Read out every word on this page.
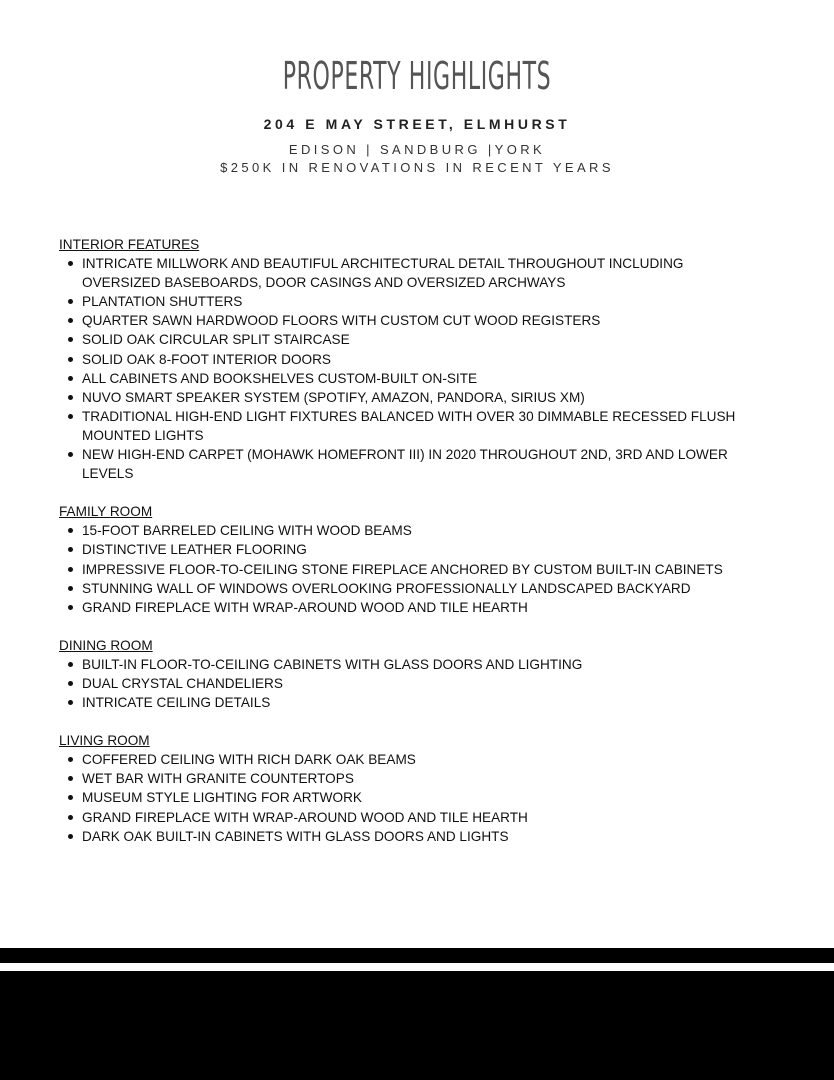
PROPERTY HIGHLIGHTS
204 E MAY STREET, ELMHURST
EDISON | SANDBURG |YORK
$250K IN RENOVATIONS IN RECENT YEARS

INTERIOR FEATURES

INTRICATE MILLWORK AND BEAUTIFUL ARCHITECTURAL DETAIL THROUGHOUT INCLUDING OVERSIZED BASEBOARDS, DOOR CASINGS AND OVERSIZED ARCHWAYS
PLANTATION SHUTTERS
QUARTER SAWN HARDWOOD FLOORS WITH CUSTOM CUT WOOD REGISTERS
SOLID OAK CIRCULAR SPLIT STAIRCASE
SOLID OAK 8-FOOT INTERIOR DOORS
ALL CABINETS AND BOOKSHELVES CUSTOM-BUILT ON-SITE
NUVO SMART SPEAKER SYSTEM (SPOTIFY, AMAZON, PANDORA, SIRIUS XM)
TRADITIONAL HIGH-END LIGHT FIXTURES BALANCED WITH OVER 30 DIMMABLE RECESSED FLUSH MOUNTED LIGHTS
NEW HIGH-END CARPET (MOHAWK HOMEFRONT III) IN 2020 THROUGHOUT 2ND, 3RD AND LOWER LEVELS

FAMILY ROOM

15-FOOT BARRELED CEILING WITH WOOD BEAMS
DISTINCTIVE LEATHER FLOORING
IMPRESSIVE FLOOR-TO-CEILING STONE FIREPLACE ANCHORED BY CUSTOM BUILT-IN CABINETS
STUNNING WALL OF WINDOWS OVERLOOKING PROFESSIONALLY LANDSCAPED BACKYARD
GRAND FIREPLACE WITH WRAP-AROUND WOOD AND TILE HEARTH

DINING ROOM

BUILT-IN FLOOR-TO-CEILING CABINETS WITH GLASS DOORS AND LIGHTING
DUAL CRYSTAL CHANDELIERS
INTRICATE CEILING DETAILS

LIVING ROOM

COFFERED CEILING WITH RICH DARK OAK BEAMS
WET BAR WITH GRANITE COUNTERTOPS
MUSEUM STYLE LIGHTING FOR ARTWORK
GRAND FIREPLACE WITH WRAP-AROUND WOOD AND TILE HEARTH
DARK OAK BUILT-IN CABINETS WITH GLASS DOORS AND LIGHTS
